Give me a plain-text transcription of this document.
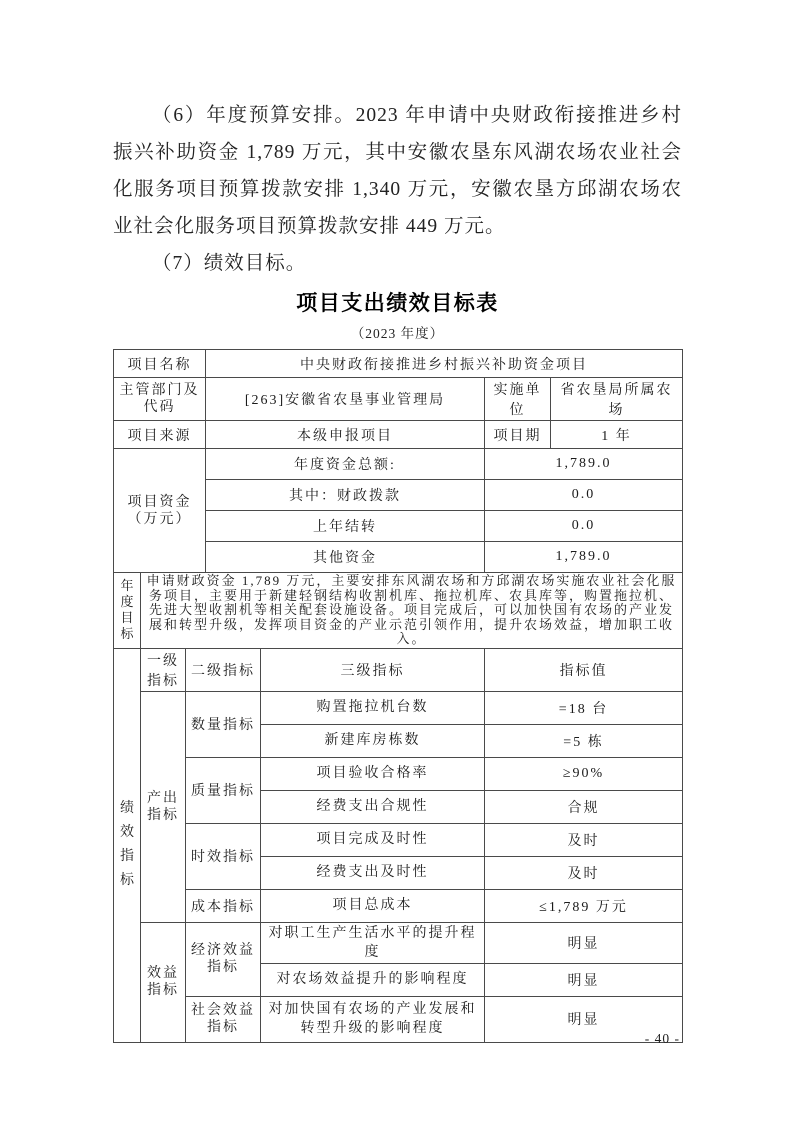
（6）年度预算安排。2023 年申请中央财政衔接推进乡村振兴补助资金 1,789 万元，其中安徽农垦东风湖农场农业社会化服务项目预算拨款安排 1,340 万元，安徽农垦方邱湖农场农业社会化服务项目预算拨款安排 449 万元。

（7）绩效目标。

项目支出绩效目标表
（2023 年度）
项目名称			中央财政衔接推进乡村振兴补助资金项目			

主管部门及代码			[263]安徽省农垦事业管理局		实施单位	省农垦局所属农场
项目来源			本级申报项目		项目期	1 年

项目资金（万元）			年度资金总额:		1,789.0	
			其中：财政拨款		0.0	
			上年结转		0.0	
			其他资金		1,789.0	

年度目标	申请财政资金 1,789 万元，主要安排东风湖农场和方邱湖农场实施农业社会化服务项目，主要用于新建轻钢结构收割机库、拖拉机库、农具库等，购置拖拉机、先进大型收割机等相关配套设施设备。项目完成后，可以加快国有农场的产业发展和转型升级，发挥项目资金的产业示范引领作用，提升农场效益，增加职工收入。					

绩效指标	一级指标	二级指标		三级指标	指标值	

	产出指标	数量指标		购置拖拉机台数	=18 台	
				新建库房栋数	=5 栋	
		质量指标		项目验收合格率	≥90%	
				经费支出合规性	合规	
		时效指标		项目完成及时性	及时	
				经费支出及时性	及时	
		成本指标		项目总成本	≤1,789 万元	

	效益指标	经济效益指标		对职工生产生活水平的提升程度	明显	
				对农场效益提升的影响程度	明显	

		社会效益指标		对加快国有农场的产业发展和转型升级的影响程度	明显	
- 40 -
